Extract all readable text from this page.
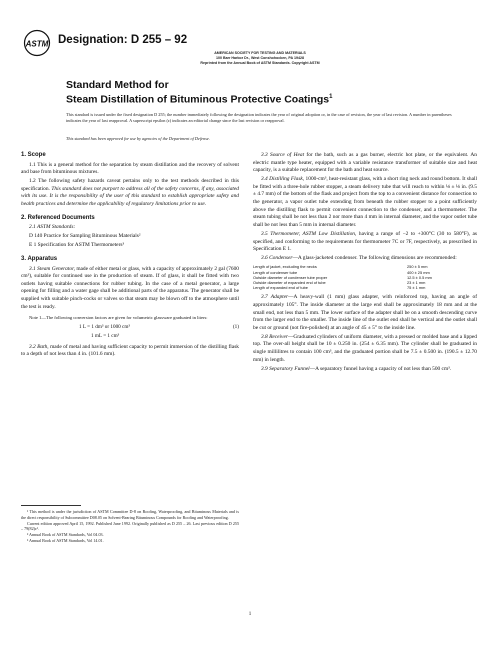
ASTM Designation: D 255 – 92
AMERICAN SOCIETY FOR TESTING AND MATERIALS
100 Barr Harbor Dr., West Conshohocken, PA 19428
Reprinted from the Annual Book of ASTM Standards. Copyright ASTM
Standard Method for
Steam Distillation of Bituminous Protective Coatings$^1$
This standard is issued under the fixed designation D 255; the number immediately following the designation indicates the year of original adoption or, in the case of revision, the year of last revision. A number in parentheses indicates the year of last reapproval. A superscript epsilon (ε) indicates an editorial change since the last revision or reapproval.
This standard has been approved for use by agencies of the Department of Defense.
1. Scope

1.1 This is a general method for the separation by steam distillation and the recovery of solvent and base from bituminous mixtures.

1.2 The following safety hazards caveat pertains only to the test methods described in this specification. This standard does not purport to address all of the safety concerns, if any, associated with its use. It is the responsibility of the user of this standard to establish appropriate safety and health practices and determine the applicability of regulatory limitations prior to use.

2. Referenced Documents

2.1 ASTM Standards:

D 140 Practice for Sampling Bituminous Materials²

E 1 Specification for ASTM Thermometers³

3. Apparatus

3.1 Steam Generator, made of either metal or glass, with a capacity of approximately 2 gal (7600 cm³), suitable for continued use in the production of steam. If of glass, it shall be fitted with two outlets having suitable connections for rubber tubing. In the case of a metal generator, a large opening for filling and a water gage shall be additional parts of the apparatus. The generator shall be supplied with suitable pinch-cocks or valves so that steam may be blown off to the atmosphere until the test is ready.

Note 1—The following conversion factors are given for volumetric glassware graduated in liters:
1 L = 1 dm³ or 1000 cm³	(1)
1 mL = 1 cm³

3.2 Bath, made of metal and having sufficient capacity to permit immersion of the distilling flask to a depth of not less than 4 in. (101.6 mm).

3.3 Source of Heat for the bath, such as a gas burner, electric hot plate, or the equivalent. An electric mantle type heater, equipped with a variable resistance transformer of suitable size and heat capacity, is a suitable replacement for the bath and heat source.

3.4 Distilling Flask, 1000-cm³, heat-resistant glass, with a short ring neck and round bottom. It shall be fitted with a three-hole rubber stopper, a steam delivery tube that will reach to within ⅛ ± ⅛ in. (9.5 ± 4.7 mm) of the bottom of the flask and project from the top to a convenient distance for connection to the generator, a vapor outlet tube extending from beneath the rubber stopper to a point sufficiently above the distilling flask to permit convenient connection to the condenser, and a thermometer. The steam tubing shall be not less than 2 nor more than 4 mm in internal diameter, and the vapor outlet tube shall be not less than 5 mm in internal diameter.

3.5 Thermometer, ASTM Low Distillation, having a range of −2 to +300°C (30 to 580°F), as specified, and conforming to the requirements for thermometer 7C or 7F, respectively, as prescribed in Specification E 1.

3.6 Condenser—A glass-jacketed condenser. The following dimensions are recommended:

Length of jacket, excluding the necks	250 ± 5 mm
Length of condenser tube	400 ± 25 mm
Outside diameter of condenser tube proper	12.5 ± 0.5 mm
Outside diameter of expanded end of tube	23 ± 1 mm
Length of expanded end of tube	75 ± 1 mm

3.7 Adapter—A heavy-wall (1 mm) glass adapter, with reinforced top, having an angle of approximately 105°. The inside diameter at the large end shall be approximately 18 mm and at the small end, not less than 5 mm. The lower surface of the adapter shall be on a smooth descending curve from the larger end to the smaller. The inside line of the outlet end shall be vertical and the outlet shall be cut or ground (not fire-polished) at an angle of 45 ± 5° to the inside line.

3.8 Receiver—Graduated cylinders of uniform diameter, with a pressed or molded base and a lipped top. The over-all height shall be 10 ± 0.250 in. (254 ± 6.35 mm). The cylinder shall be graduated in single millilitres to contain 100 cm³, and the graduated portion shall be 7.5 ± 0.500 in. (190.5 ± 12.70 mm) in length.

3.9 Separatory Funnel—A separatory funnel having a capacity of not less than 500 cm³.

¹ This method is under the jurisdiction of ASTM Committee D-8 on Roofing, Waterproofing, and Bituminous Materials and is the direct responsibility of Subcommittee D08.05 on Solvent-Bearing Bituminous Compounds for Roofing and Waterproofing.
Current edition approved April 15, 1992. Published June 1992. Originally published as D 255 – 26. Last previous edition D 255 – 79(82)ε¹.
² Annual Book of ASTM Standards, Vol 04.03.
³ Annual Book of ASTM Standards, Vol 14.01.
1
